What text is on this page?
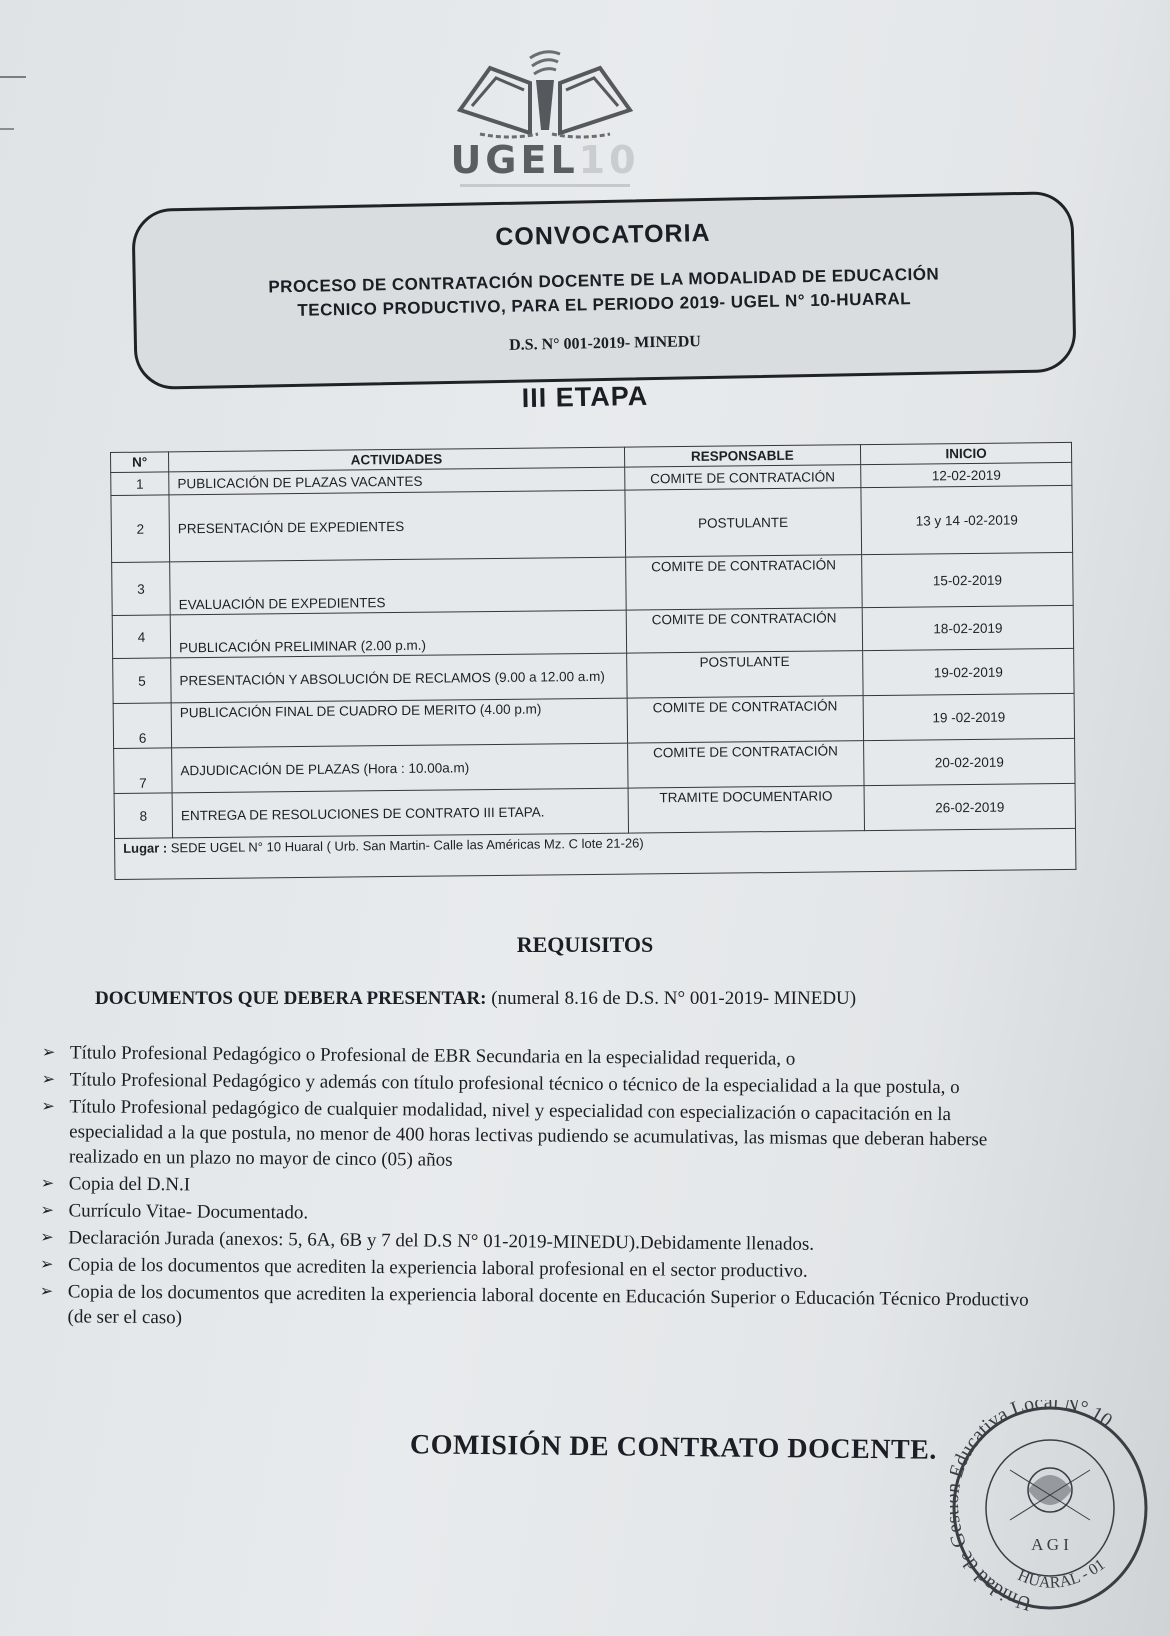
UGEL10
CONVOCATORIA
PROCESO DE CONTRATACIÓN DOCENTE DE LA MODALIDAD DE EDUCACIÓN
TECNICO PRODUCTIVO, PARA EL PERIODO 2019- UGEL N° 10-HUARAL
D.S. N° 001-2019- MINEDU
III ETAPA
N°	ACTIVIDADES	RESPONSABLE	INICIO
1	PUBLICACIÓN DE PLAZAS VACANTES	COMITE DE CONTRATACIÓN	12-02-2019
2	PRESENTACIÓN DE EXPEDIENTES	POSTULANTE	13 y 14 -02-2019
3	EVALUACIÓN DE EXPEDIENTES	COMITE DE CONTRATACIÓN	15-02-2019
4	PUBLICACIÓN PRELIMINAR (2.00 p.m.)	COMITE DE CONTRATACIÓN	18-02-2019
5	PRESENTACIÓN Y ABSOLUCIÓN DE RECLAMOS (9.00 a 12.00 a.m)	POSTULANTE	19-02-2019
6	PUBLICACIÓN FINAL DE CUADRO DE MERITO (4.00 p.m)	COMITE DE CONTRATACIÓN	19 -02-2019
7	ADJUDICACIÓN DE PLAZAS (Hora : 10.00a.m)	COMITE DE CONTRATACIÓN	20-02-2019
8	ENTREGA DE RESOLUCIONES DE CONTRATO III ETAPA.	TRAMITE DOCUMENTARIO	26-02-2019
Lugar : SEDE UGEL N° 10 Huaral ( Urb. San Martin- Calle las Américas Mz. C lote 21-26)			
REQUISITOS
DOCUMENTOS QUE DEBERA PRESENTAR: (numeral 8.16 de D.S. N° 001-2019- MINEDU)
➢ Título Profesional Pedagógico o Profesional de EBR Secundaria en la especialidad requerida, o
➢ Título Profesional Pedagógico y además con título profesional técnico o técnico de la especialidad a la que postula, o
➢ Título Profesional pedagógico de cualquier modalidad, nivel y especialidad con especialización o capacitación en la especialidad a la que postula, no menor de 400 horas lectivas pudiendo se acumulativas, las mismas que deberan haberse realizado en un plazo no mayor de cinco (05) años
➢ Copia del D.N.I
➢ Currículo Vitae- Documentado.
➢ Declaración Jurada (anexos: 5, 6A, 6B y 7 del D.S N° 01-2019-MINEDU).Debidamente llenados.
➢ Copia de los documentos que acrediten la experiencia laboral profesional en el sector productivo.
➢ Copia de los documentos que acrediten la experiencia laboral docente en Educación Superior o Educación Técnico Productivo (de ser el caso)
COMISIÓN DE CONTRATO DOCENTE.
Unidad de ducativa Local N° 10
HUARAL - 01
A G I
